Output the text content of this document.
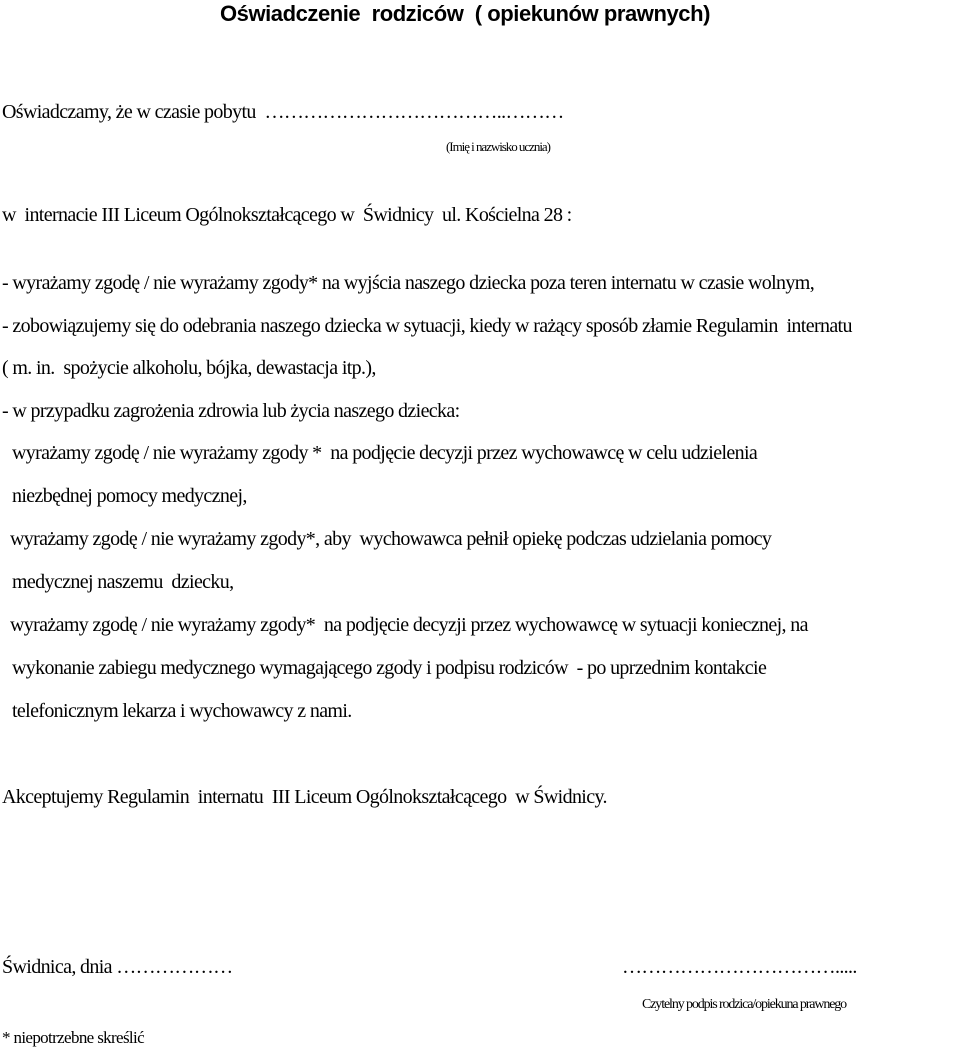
Oświadczenie  rodziców  ( opiekunów prawnych)
Oświadczamy, że w czasie pobytu  ………………………………..………
(Imię i nazwisko ucznia)
w  internacie III Liceum Ogólnokształcącego w  Świdnicy  ul. Kościelna 28 :
- wyrażamy zgodę / nie wyrażamy zgody* na wyjścia naszego dziecka poza teren internatu w czasie wolnym,
- zobowiązujemy się do odebrania naszego dziecka w sytuacji, kiedy w rażący sposób złamie Regulamin  internatu
( m. in.  spożycie alkoholu, bójka, dewastacja itp.),
- w przypadku zagrożenia zdrowia lub życia naszego dziecka:
wyrażamy zgodę / nie wyrażamy zgody *  na podjęcie decyzji przez wychowawcę w celu udzielenia
niezbędnej pomocy medycznej,
wyrażamy zgodę / nie wyrażamy zgody*, aby  wychowawca pełnił opiekę podczas udzielania pomocy
medycznej naszemu  dziecku,
wyrażamy zgodę / nie wyrażamy zgody*  na podjęcie decyzji przez wychowawcę w sytuacji koniecznej, na
wykonanie zabiegu medycznego wymagającego zgody i podpisu rodziców  - po uprzednim kontakcie
telefonicznym lekarza i wychowawcy z nami.
Akceptujemy Regulamin  internatu  III Liceum Ogólnokształcącego  w Świdnicy.
Świdnica, dnia ………………	…………………………….....
Czytelny podpis rodzica/opiekuna prawnego
* niepotrzebne skreślić
